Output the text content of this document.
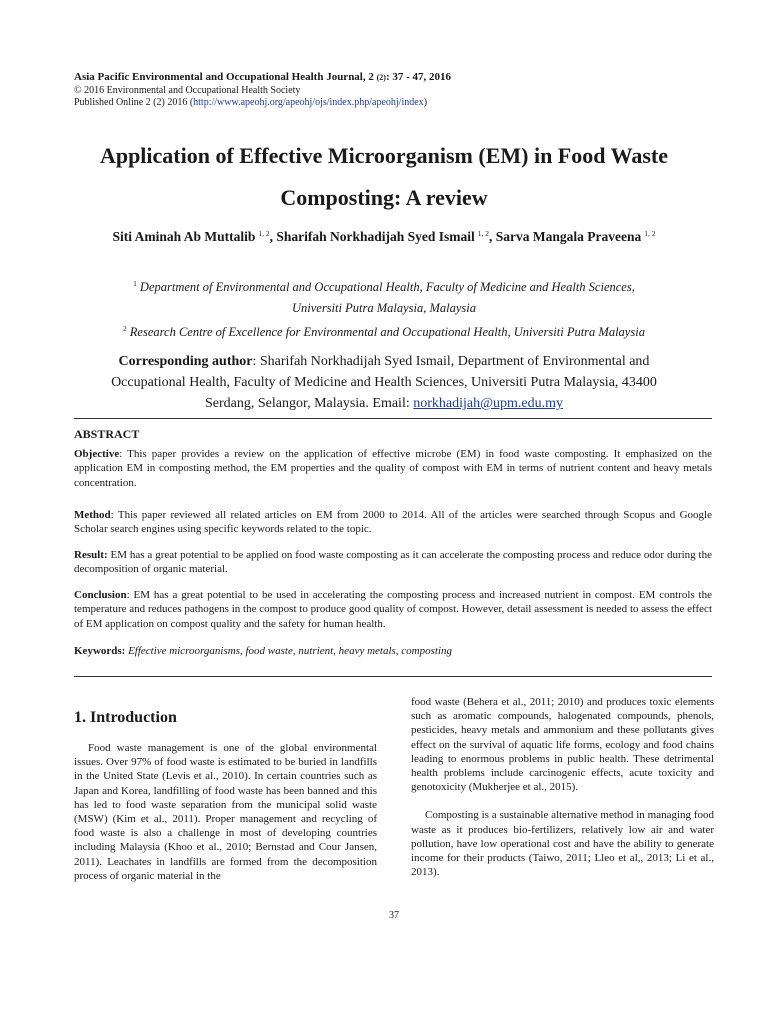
Asia Pacific Environmental and Occupational Health Journal, 2 (2): 37 - 47, 2016
© 2016 Environmental and Occupational Health Society
Published Online 2 (2) 2016 (http://www.apeohj.org/apeohj/ojs/index.php/apeohj/index)
Application of Effective Microorganism (EM) in Food Waste
Composting: A review
Siti Aminah Ab Muttalib $^{1, 2}$, Sharifah Norkhadijah Syed Ismail $^{1, 2}$, Sarva Mangala Praveena $^{1, 2}$
$^1$ Department of Environmental and Occupational Health, Faculty of Medicine and Health Sciences,
Universiti Putra Malaysia, Malaysia
$^2$ Research Centre of Excellence for Environmental and Occupational Health, Universiti Putra Malaysia
Corresponding author: Sharifah Norkhadijah Syed Ismail, Department of Environmental and
Occupational Health, Faculty of Medicine and Health Sciences, Universiti Putra Malaysia, 43400
Serdang, Selangor, Malaysia. Email: norkhadijah@upm.edu.my
ABSTRACT
Objective: This paper provides a review on the application of effective microbe (EM) in food waste composting. It emphasized on the application EM in composting method, the EM properties and the quality of compost with EM in terms of nutrient content and heavy metals concentration.
Method: This paper reviewed all related articles on EM from 2000 to 2014. All of the articles were searched through Scopus and Google Scholar search engines using specific keywords related to the topic.
Result: EM has a great potential to be applied on food waste composting as it can accelerate the composting process and reduce odor during the decomposition of organic material.
Conclusion: EM has a great potential to be used in accelerating the composting process and increased nutrient in compost. EM controls the temperature and reduces pathogens in the compost to produce good quality of compost. However, detail assessment is needed to assess the effect of EM application on compost quality and the safety for human health.
Keywords: Effective microorganisms, food waste, nutrient, heavy metals, composting
1. Introduction

Food waste management is one of the global environmental issues. Over 97% of food waste is estimated to be buried in landfills in the United State (Levis et al., 2010). In certain countries such as Japan and Korea, landfilling of food waste has been banned and this has led to food waste separation from the municipal solid waste (MSW) (Kim et al., 2011). Proper management and recycling of food waste is also a challenge in most of developing countries including Malaysia (Khoo et al., 2010; Bernstad and Cour Jansen, 2011). Leachates in landfills are formed from the decomposition process of organic material in the

food waste (Behera et al., 2011; 2010) and produces toxic elements such as aromatic compounds, halogenated compounds, phenols, pesticides, heavy metals and ammonium and these pollutants gives effect on the survival of aquatic life forms, ecology and food chains leading to enormous problems in public health. These detrimental health problems include carcinogenic effects, acute toxicity and genotoxicity (Mukherjee et al., 2015).

Composting is a sustainable alternative method in managing food waste as it produces bio-fertilizers, relatively low air and water pollution, have low operational cost and have the ability to generate income for their products (Taiwo, 2011; Lleo et al,, 2013; Li et al., 2013).

37
